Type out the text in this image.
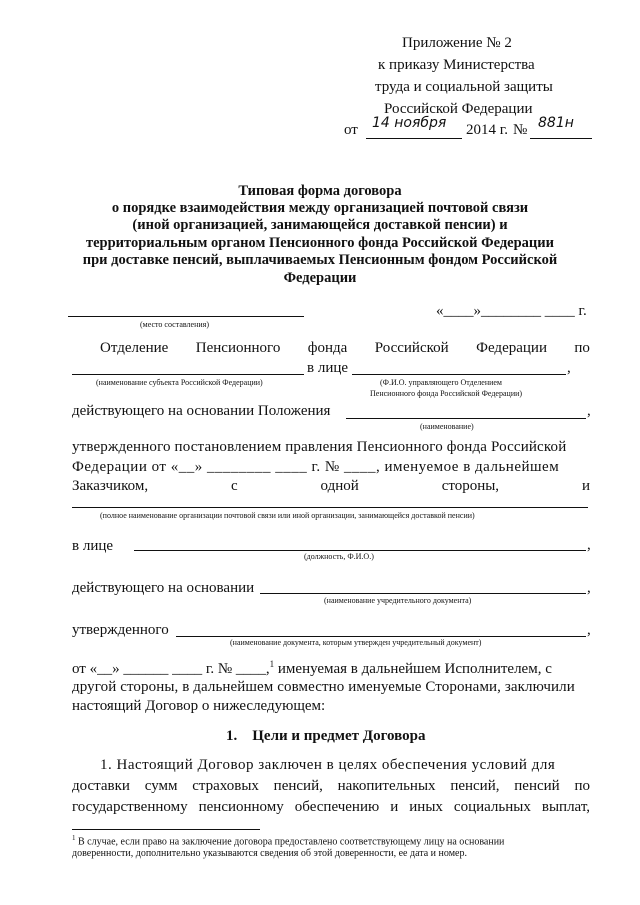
Приложение № 2
к приказу Министерства
труда и социальной защиты
Российской Федерации
от 14 ноября 2014 г. № 881н
Типовая форма договора
о порядке взаимодействия между организацией почтовой связи
(иной организацией, занимающейся доставкой пенсии) и
территориальным органом Пенсионного фонда Российской Федерации
при доставке пенсий, выплачиваемых Пенсионным фондом Российской
Федерации
(место составления)
«____»________ ____ г.
Отделение Пенсионного фонда Российской Федерации по
в лице	,
(наименование субъекта Российской Федерации)	(Ф.И.О. управляющего Отделением
Пенсионного фонда Российской Федерации)
действующего на основании Положения	,
(наименование)
утвержденного постановлением правления Пенсионного фонда Российской
Федерации от «__» ________ ____ г. № ____, именуемое в дальнейшем
Заказчиком,	с	одной	стороны,	и
(полное наименование организации почтовой связи или иной организации, занимающейся доставкой пенсии)
в лице	,
(должность, Ф.И.О.)
действующего на основании	,
(наименование учредительного документа)
утвержденного	,
(наименование документа, которым утвержден учредительный документ)
от «__» ______ ____ г. № ____,$^1$ именуемая в дальнейшем Исполнителем, с
другой стороны, в дальнейшем совместно именуемые Сторонами, заключили
настоящий Договор о нижеследующем:
1.    Цели и предмет Договора
1. Настоящий Договор заключен в целях обеспечения условий для
доставки сумм страховых пенсий, накопительных пенсий, пенсий по
государственному пенсионному обеспечению и иных социальных выплат,
$^1$ В случае, если право на заключение договора предоставлено соответствующему лицу на основании
доверенности, дополнительно указываются сведения об этой доверенности, ее дата и номер.
